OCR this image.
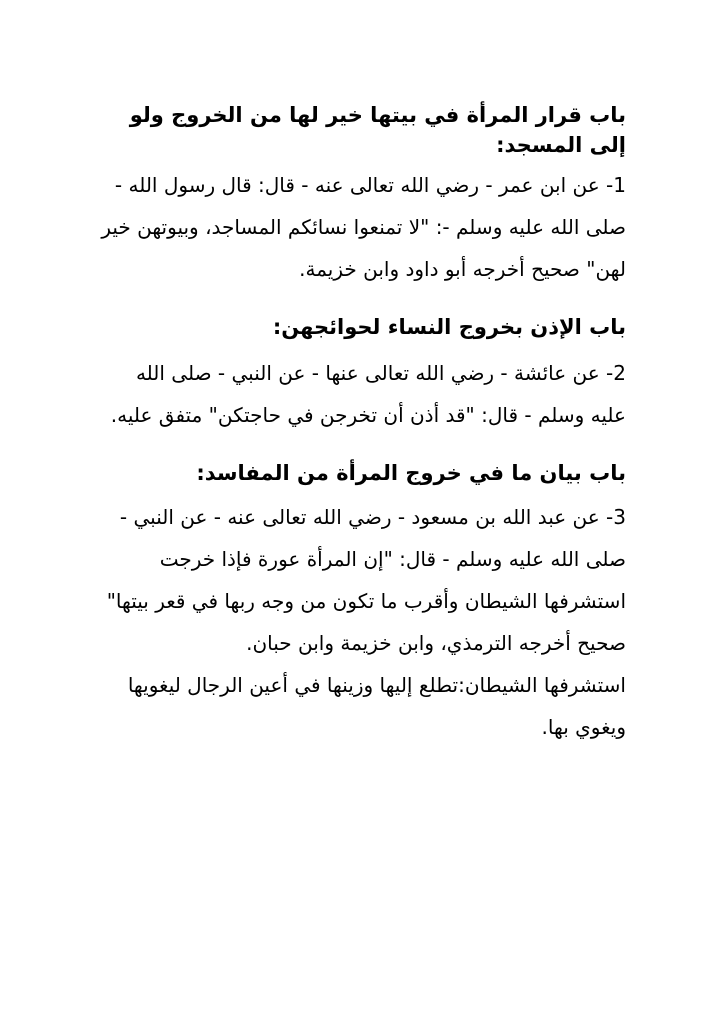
باب قرار المرأة في بيتها خير لها من الخروج ولو إلى المسجد:

1- عن ابن عمر - رضي الله تعالى عنه - قال: قال رسول الله - صلى الله عليه وسلم -: "لا تمنعوا نسائكم المساجد، وبيوتهن خير لهن" صحيح أخرجه أبو داود وابن خزيمة.

باب الإذن بخروج النساء لحوائجهن:

2- عن عائشة - رضي الله تعالى عنها - عن النبي - صلى الله عليه وسلم - قال: "قد أذن أن تخرجن في حاجتكن" متفق عليه.

باب بيان ما في خروج المرأة من المفاسد:

3- عن عبد الله بن مسعود - رضي الله تعالى عنه - عن النبي - صلى الله عليه وسلم - قال: "إن المرأة عورة فإذا خرجت استشرفها الشيطان وأقرب ما تكون من وجه ربها في قعر بيتها" صحيح أخرجه الترمذي، وابن خزيمة وابن حبان.

استشرفها الشيطان:تطلع إليها وزينها في أعين الرجال ليغويها ويغوي بها.
